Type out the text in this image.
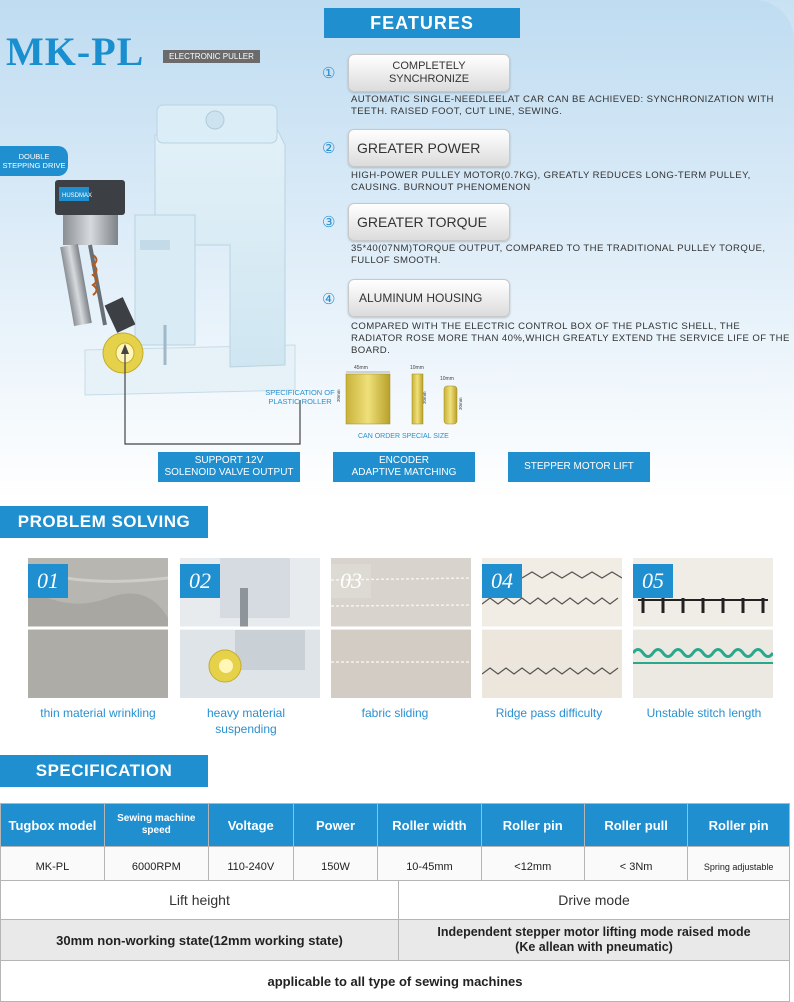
MK-PL	ELECTRONIC PULLER
FEATURES
①	COMPLETELY
SYNCHRONIZE
AUTOMATIC SINGLE-NEEDLEELAT CAR CAN BE ACHIEVED: SYNCHRONIZATION WITH TEETH. RAISED FOOT, CUT LINE, SEWING.
② GREATER POWER
HIGH-POWER PULLEY MOTOR(0.7KG), GREATLY REDUCES LONG-TERM PULLEY, CAUSING. BURNOUT PHENOMENON
③ GREATER TORQUE
35*40(07NM)TORQUE OUTPUT, COMPARED TO THE TRADITIONAL PULLEY TORQUE, FULLOF SMOOTH.
④ ALUMINUM HOUSING
COMPARED WITH THE ELECTRIC CONTROL BOX OF THE PLASTIC SHELL, THE RADIATOR ROSE MORE THAN 40%,WHICH GREATLY EXTEND THE SERVICE LIFE OF THE BOARD.
HUSDMAX
DOUBLE
STEPPING DRIVE
SPECIFICATION OF
PLASTIC ROLLER
45mm
30mm
10mm
30mm
10mm
30mm
CAN ORDER SPECIAL SIZE
SUPPORT 12V
SOLENOID VALVE OUTPUT
ENCODER
ADAPTIVE MATCHING
STEPPER MOTOR LIFT
PROBLEM SOLVING
01	02	03	04	05
thin material wrinkling	heavy material
suspending
fabric sliding	Ridge pass difficulty	Unstable stitch length
SPECIFICATION
Tugbox model	Sewing machine speed	Voltage	Power	Roller width	Roller pin	Roller pull	Roller pin
MK-PL	6000RPM	110-240V	150W	10-45mm	<12mm	< 3Nm	Spring adjustable
Lift height	Drive mode
30mm non-working state(12mm working state)	Independent stepper motor lifting mode raised mode
(Ke allean with pneumatic)

applicable to all type of sewing machines	
